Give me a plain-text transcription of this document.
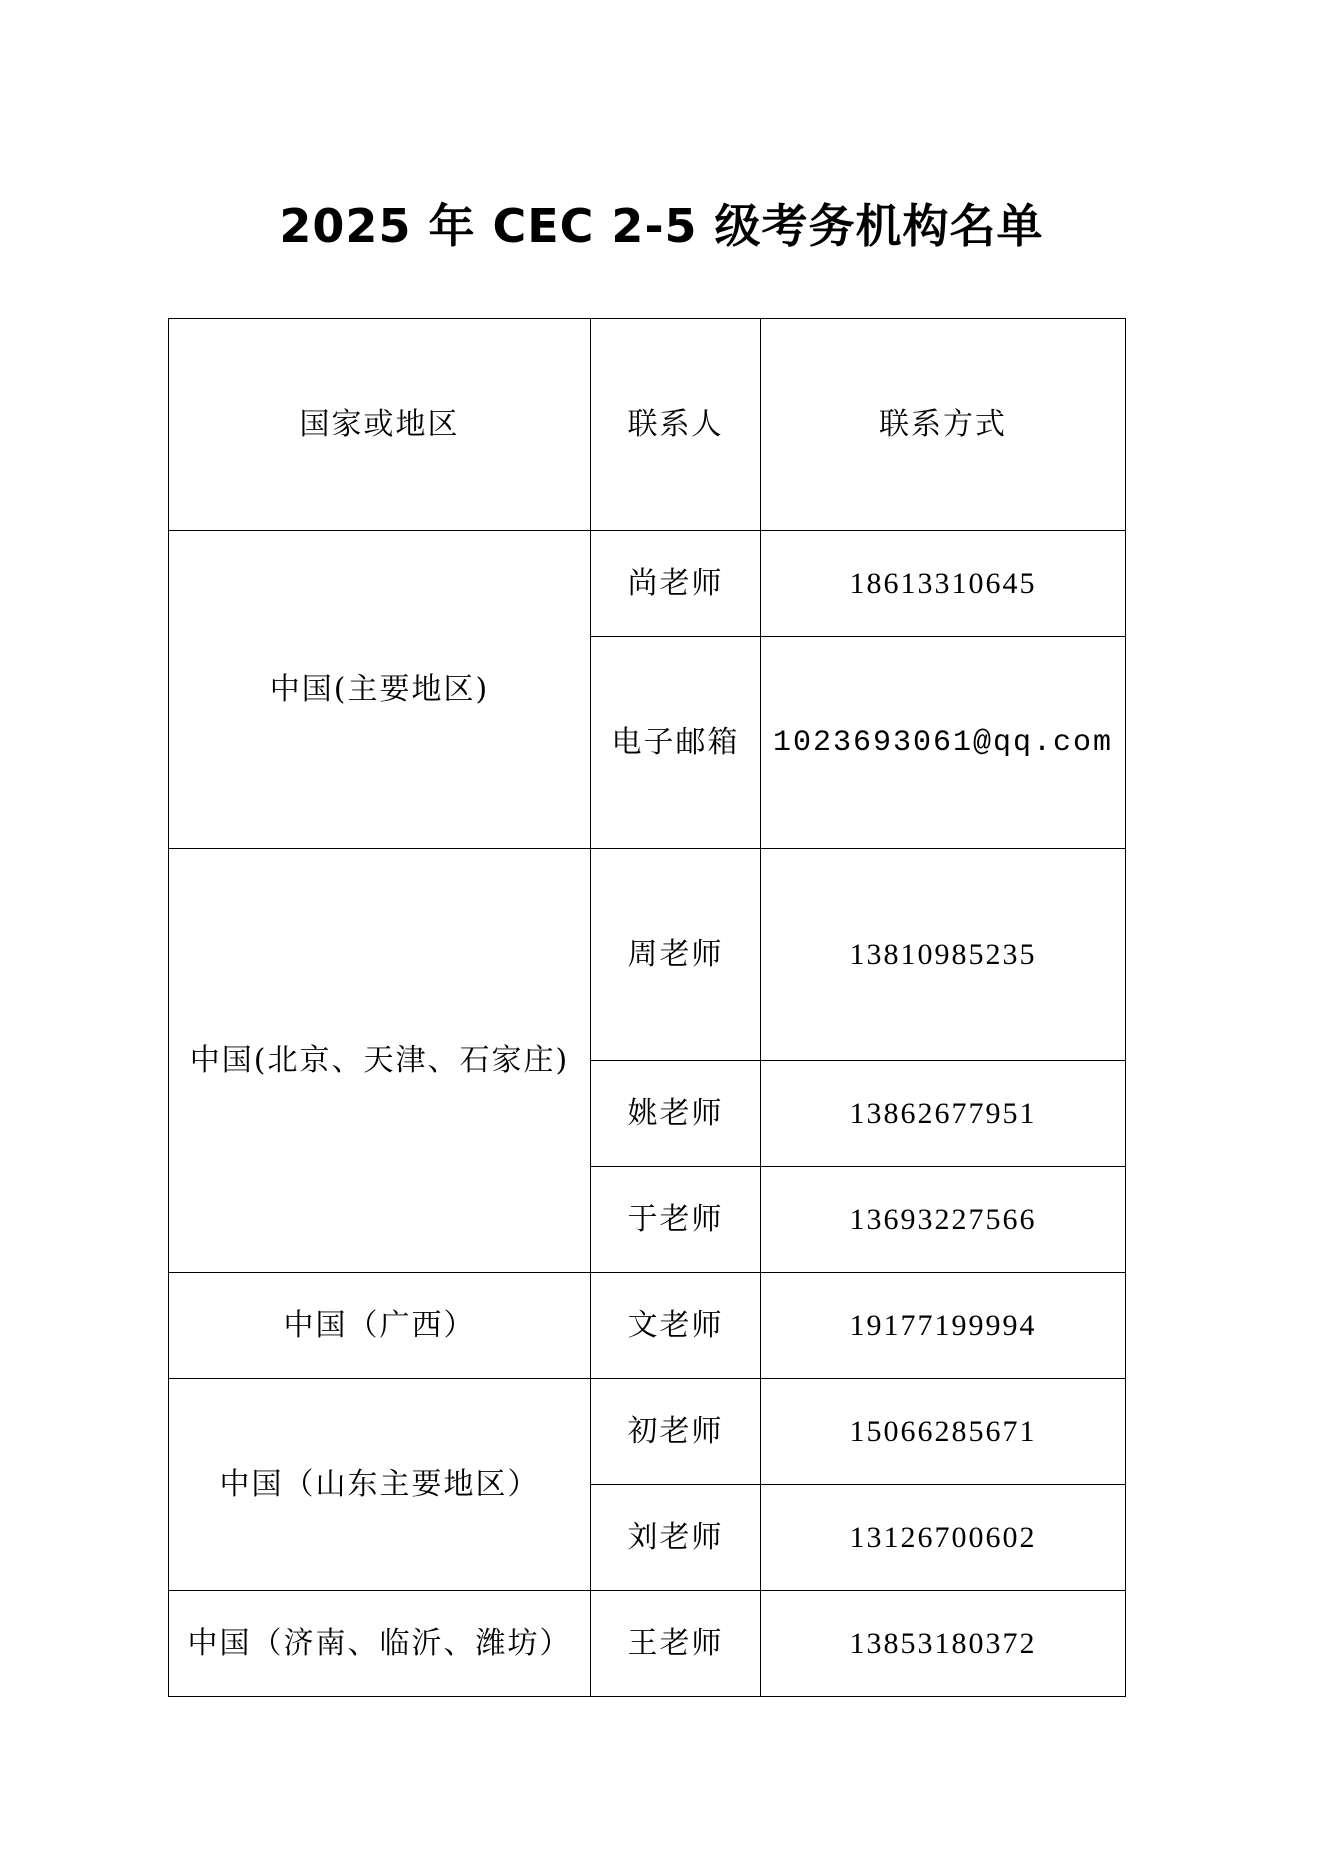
2025 年 CEC 2-5 级考务机构名单
国家或地区	联系人	联系方式
中国(主要地区)	尚老师	18613310645
	电子邮箱	1023693061@qq.com
中国(北京、天津、石家庄)	周老师	13810985235
	姚老师	13862677951
	于老师	13693227566
中国（广西）	文老师	19177199994
中国（山东主要地区）	初老师	15066285671
	刘老师	13126700602
中国（济南、临沂、潍坊）	王老师	13853180372
